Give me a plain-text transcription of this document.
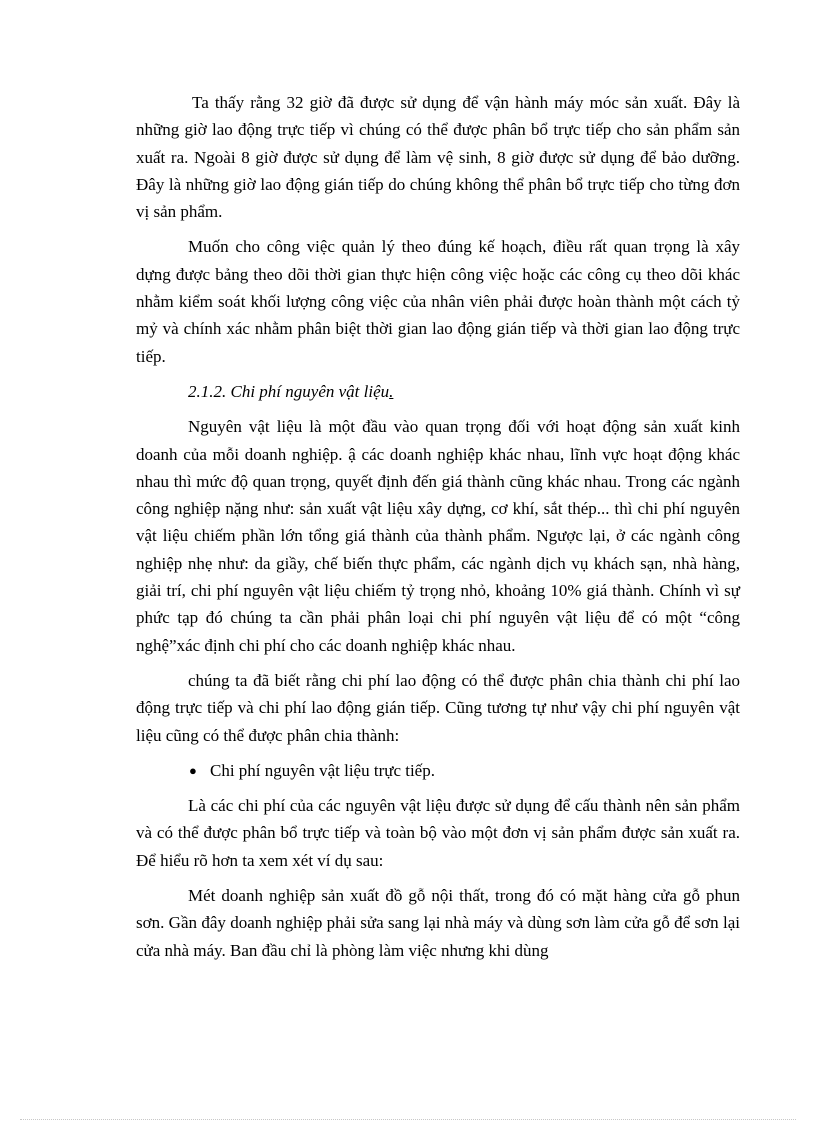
Ta thấy rằng 32 giờ đã được sử dụng để vận hành máy móc sản xuất. Đây là những giờ lao động trực tiếp vì chúng có thể được phân bổ trực tiếp cho sản phẩm sản xuất ra. Ngoài 8 giờ được sử dụng để làm vệ sinh, 8 giờ được sử dụng để bảo dưỡng. Đây là những giờ lao động gián tiếp do chúng không thể phân bổ trực tiếp cho từng đơn vị sản phẩm.

Muốn cho công việc quản lý theo đúng kế hoạch, điều rất quan trọng là xây dựng được bảng theo dõi thời gian thực hiện công việc hoặc các công cụ theo dõi khác nhằm kiểm soát khối lượng công việc của nhân viên phải được hoàn thành một cách tỷ mỷ và chính xác nhằm phân biệt thời gian lao động gián tiếp và thời gian lao động trực tiếp.

2.1.2. Chi phí nguyên vật liệu.

Nguyên vật liệu là một đầu vào quan trọng đối với hoạt động sản xuất kinh doanh của mỗi doanh nghiệp. ậ các doanh nghiệp khác nhau, lĩnh vực hoạt động khác nhau thì mức độ quan trọng, quyết định đến giá thành cũng khác nhau. Trong các ngành công nghiệp nặng như: sản xuất vật liệu xây dựng, cơ khí, sắt thép... thì chi phí nguyên vật liệu chiếm phần lớn tổng giá thành của thành phẩm. Ngược lại, ở các ngành công nghiệp nhẹ như: da giầy, chế biến thực phẩm, các ngành dịch vụ khách sạn, nhà hàng, giải trí, chi phí nguyên vật liệu chiếm tỷ trọng nhỏ, khoảng 10% giá thành. Chính vì sự phức tạp đó chúng ta cần phải phân loại chi phí nguyên vật liệu để có một “công nghệ”xác định chi phí cho các doanh nghiệp khác nhau.

chúng ta đã biết rằng chi phí lao động có thể được phân chia thành chi phí lao động trực tiếp và chi phí lao động gián tiếp. Cũng tương tự như vậy chi phí nguyên vật liệu cũng có thể được phân chia thành:

● Chi phí nguyên vật liệu trực tiếp.

Là các chi phí của các nguyên vật liệu được sử dụng để cấu thành nên sản phẩm và có thể được phân bổ trực tiếp và toàn bộ vào một đơn vị sản phẩm được sản xuất ra. Để hiểu rõ hơn ta xem xét ví dụ sau:

Mét doanh nghiệp sản xuất đồ gỗ nội thất, trong đó có mặt hàng cửa gỗ phun sơn. Gần đây doanh nghiệp phải sửa sang lại nhà máy và dùng sơn làm cửa gỗ để sơn lại cửa nhà máy. Ban đầu chỉ là phòng làm việc nhưng khi dùng
